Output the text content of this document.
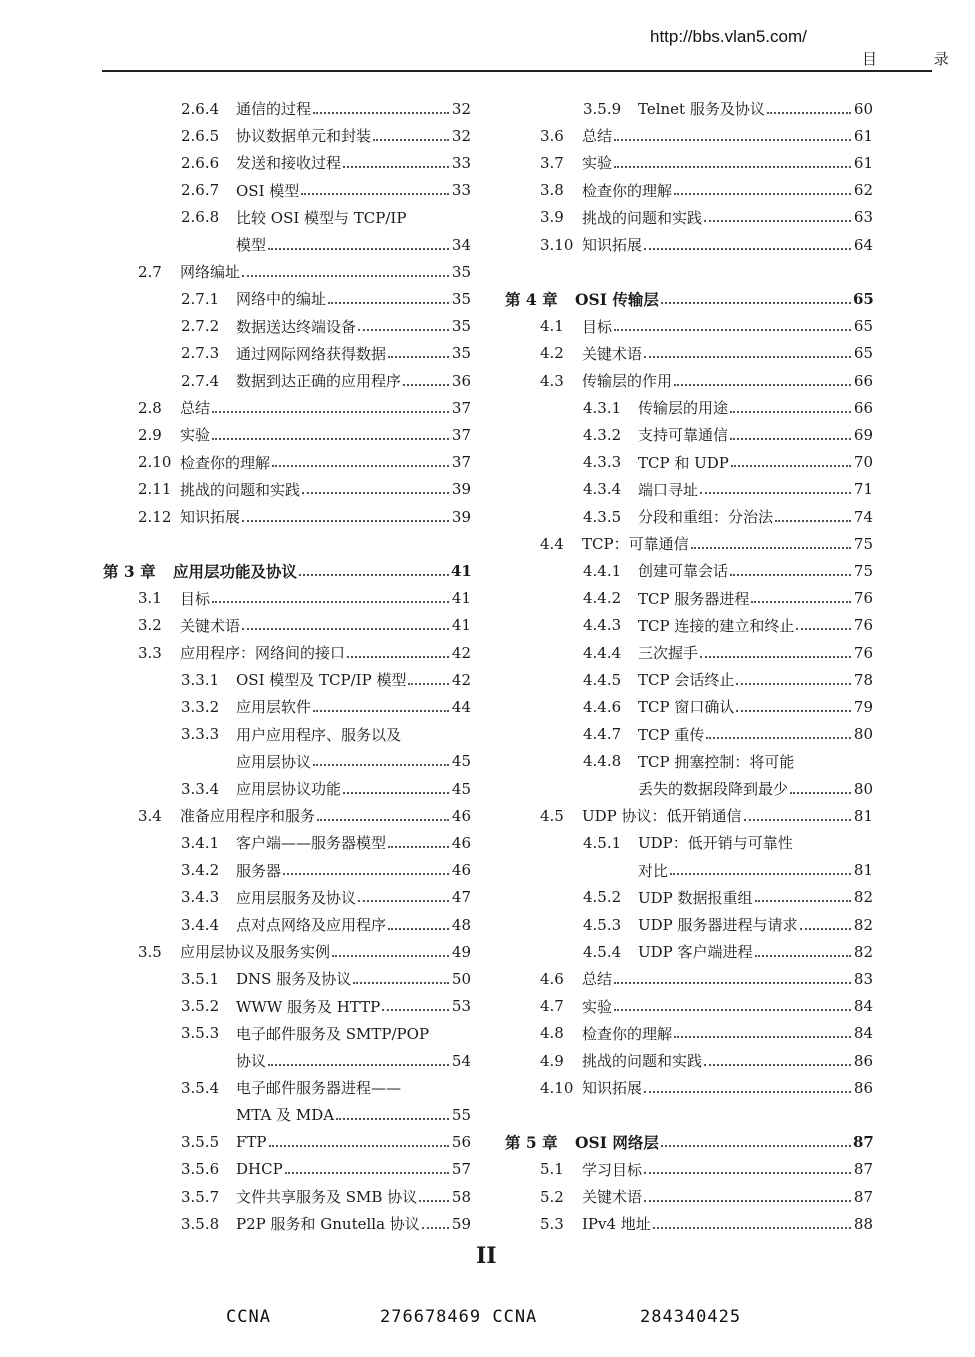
http://bbs.vlan5.com/
目 录
2.6.4	通信的过程	32
2.6.5	协议数据单元和封装	32
2.6.6	发送和接收过程	33
2.6.7	OSI 模型	33
2.6.8	比较 OSI 模型与 TCP/IP
模型	34
2.7	网络编址	35
2.7.1	网络中的编址	35
2.7.2	数据送达终端设备	35
2.7.3	通过网际网络获得数据	35
2.7.4	数据到达正确的应用程序	36
2.8	总结	37
2.9	实验	37
2.10 检查你的理解	37
2.11 挑战的问题和实践	39
2.12 知识拓展	39
第 3 章	应用层功能及协议	41
3.1	目标	41
3.2	关键术语	41
3.3	应用程序：网络间的接口	42
3.3.1	OSI 模型及 TCP/IP 模型	42
3.3.2	应用层软件	44
3.3.3	用户应用程序、服务以及
应用层协议	45
3.3.4	应用层协议功能	45
3.4	准备应用程序和服务	46
3.4.1	客户端——服务器模型	46
3.4.2	服务器	46
3.4.3	应用层服务及协议	47
3.4.4	点对点网络及应用程序	48
3.5	应用层协议及服务实例	49
3.5.1	DNS 服务及协议	50
3.5.2	WWW 服务及 HTTP	53
3.5.3	电子邮件服务及 SMTP/POP
协议	54
3.5.4	电子邮件服务器进程——
MTA 及 MDA	55
3.5.5	FTP	56
3.5.6	DHCP	57
3.5.7	文件共享服务及 SMB 协议 58
3.5.8	P2P 服务和 Gnutella 协议 59
3.5.9	Telnet 服务及协议	60
3.6	总结	61
3.7	实验	61
3.8	检查你的理解	62
3.9	挑战的问题和实践	63
3.10 知识拓展	64
第 4 章	OSI 传输层	65
4.1	目标	65
4.2	关键术语	65
4.3	传输层的作用	66
4.3.1	传输层的用途	66
4.3.2	支持可靠通信	69
4.3.3	TCP 和 UDP	70
4.3.4	端口寻址	71
4.3.5	分段和重组：分治法	74
4.4	TCP：可靠通信	75
4.4.1	创建可靠会话	75
4.4.2	TCP 服务器进程	76
4.4.3	TCP 连接的建立和终止	76
4.4.4	三次握手	76
4.4.5	TCP 会话终止	78
4.4.6	TCP 窗口确认	79
4.4.7	TCP 重传	80
4.4.8	TCP 拥塞控制：将可能
丢失的数据段降到最少	80
4.5	UDP 协议：低开销通信	81
4.5.1	UDP：低开销与可靠性
对比	81
4.5.2	UDP 数据报重组	82
4.5.3	UDP 服务器进程与请求	82
4.5.4	UDP 客户端进程	82
4.6	总结	83
4.7	实验	84
4.8	检查你的理解	84
4.9	挑战的问题和实践	86
4.10 知识拓展	86
第 5 章	OSI 网络层	87
5.1	学习目标	87
5.2	关键术语	87
5.3	IPv4 地址	88
II
CCNA	276678469 CCNA	284340425
